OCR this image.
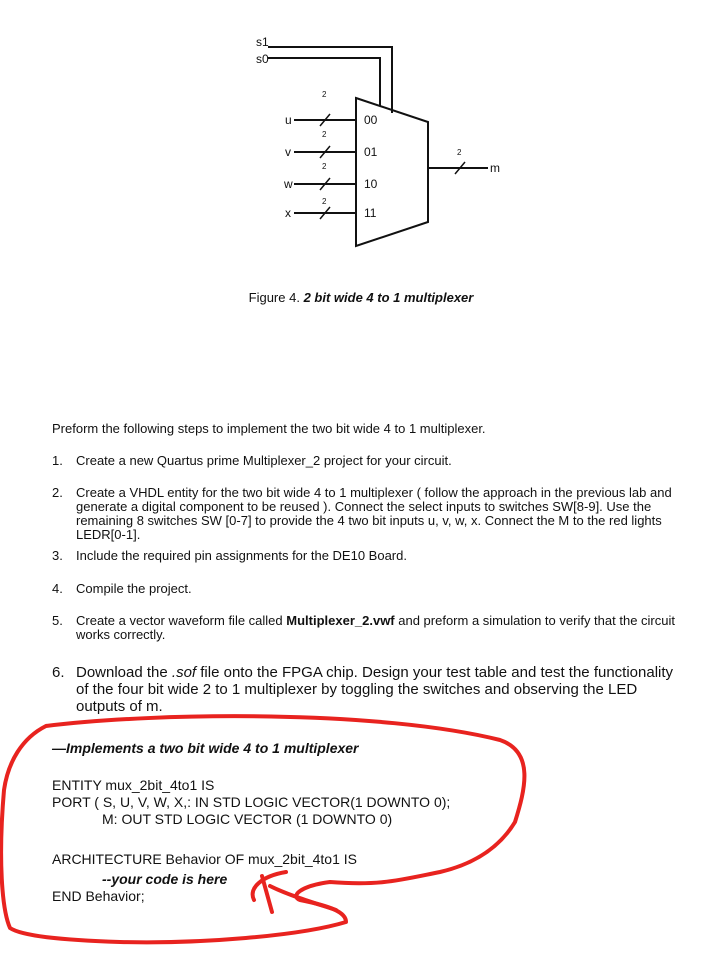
s1
s0
u
v
w
x
00
01
10
11
m
2
2
2
2
2
Figure 4. 2 bit wide 4 to 1 multiplexer
Preform the following steps to implement the two bit wide 4 to 1 multiplexer.
1.	Create a new Quartus prime Multiplexer_2 project for your circuit.
2.	Create a VHDL entity for the two bit wide 4 to 1 multiplexer ( follow the approach in the previous lab and generate a digital component to be reused ). Connect the select inputs to switches SW[8-9]. Use the remaining 8 switches SW [0-7] to provide the 4 two bit inputs u, v, w, x. Connect the M to the red lights LEDR[0-1].
3.	Include the required pin assignments for the DE10 Board.
4.	Compile the project.
5.	Create a vector waveform file called Multiplexer_2.vwf and preform a simulation to verify that the circuit works correctly.
6. Download the .sof file onto the FPGA chip. Design your test table and test the functionality of the four bit wide 2 to 1 multiplexer by toggling the switches and observing the LED outputs of m.
—Implements a two bit wide 4 to 1 multiplexer
ENTITY mux_2bit_4to1 IS
PORT ( S, U, V, W, X,: IN STD LOGIC VECTOR(1 DOWNTO 0);
M: OUT STD LOGIC VECTOR (1 DOWNTO 0)
ARCHITECTURE Behavior OF mux_2bit_4to1 IS
--your code is here
END Behavior;
